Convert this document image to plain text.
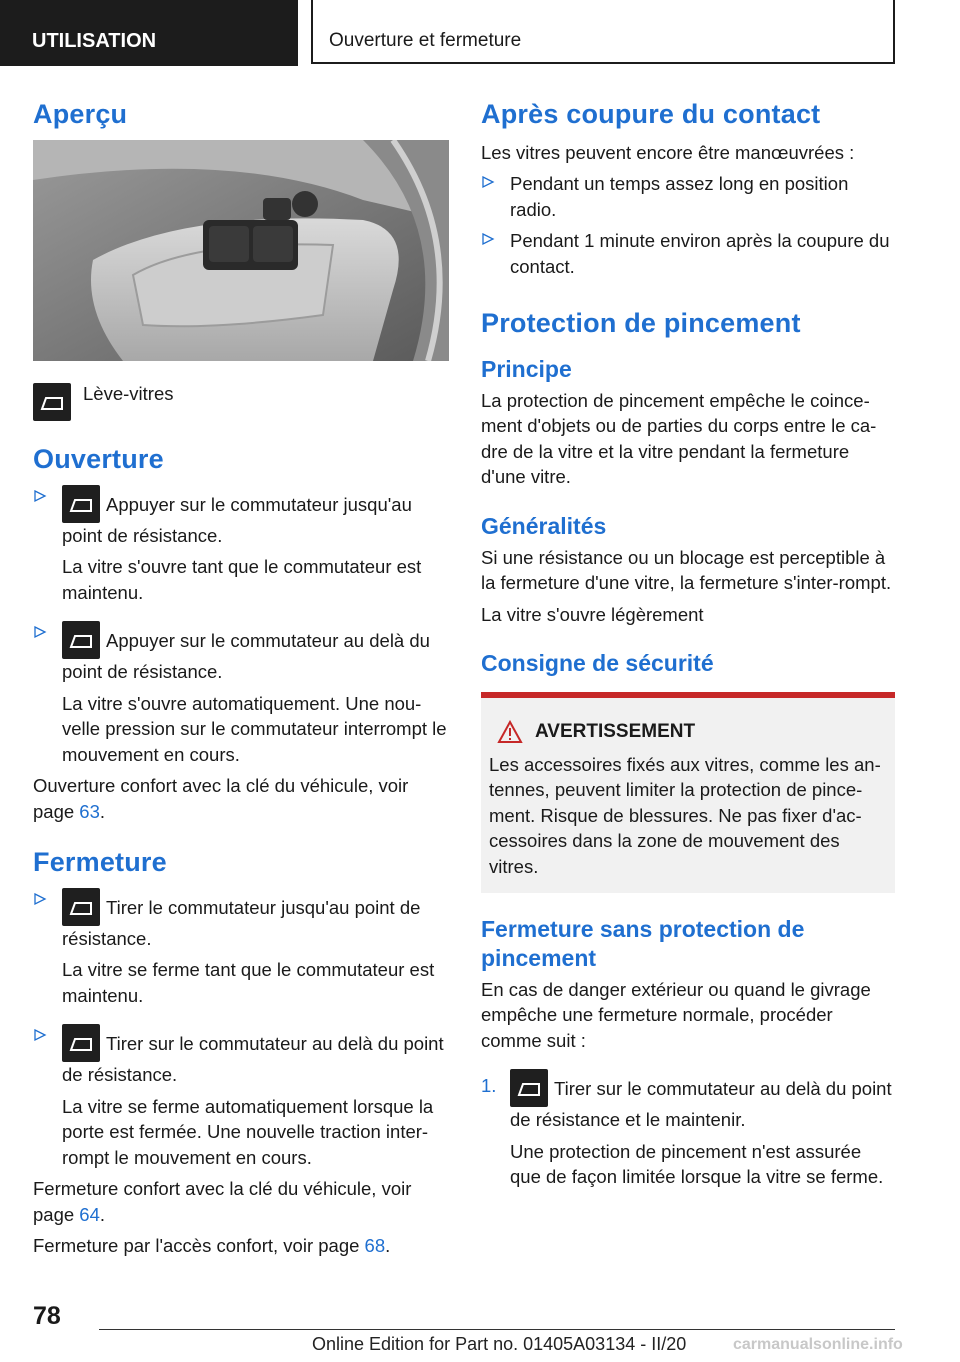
UTILISATION	Ouverture et fermeture
Aperçu
Lève-vitres
Ouverture

Appuyer sur le commutateur jusqu'au point de résistance.

La vitre s'ouvre tant que le commutateur est maintenu.

Appuyer sur le commutateur au delà du point de résistance.

La vitre s'ouvre automatiquement. Une nou-velle pression sur le commutateur interrompt le mouvement en cours.

Ouverture confort avec la clé du véhicule, voir page 63.

Fermeture

Tirer le commutateur jusqu'au point de résistance.

La vitre se ferme tant que le commutateur est maintenu.

Tirer sur le commutateur au delà du point de résistance.

La vitre se ferme automatiquement lorsque la porte est fermée. Une nouvelle traction inter-rompt le mouvement en cours.

Fermeture confort avec la clé du véhicule, voir page 64.

Fermeture par l'accès confort, voir page 68.

Après coupure du contact

Les vitres peuvent encore être manœuvrées :

Pendant un temps assez long en position radio.

Pendant 1 minute environ après la coupure du contact.

Protection de pincement
Principe

La protection de pincement empêche le coince-ment d'objets ou de parties du corps entre le ca-dre de la vitre et la vitre pendant la fermeture d'une vitre.

Généralités

Si une résistance ou un blocage est perceptible à la fermeture d'une vitre, la fermeture s'inter-rompt.

La vitre s'ouvre légèrement

Consigne de sécurité
AVERTISSEMENT

Les accessoires fixés aux vitres, comme les an-tennes, peuvent limiter la protection de pince-ment. Risque de blessures. Ne pas fixer d'ac-cessoires dans la zone de mouvement des vitres.

Fermeture sans protection de pincement

En cas de danger extérieur ou quand le givrage empêche une fermeture normale, procéder comme suit :

1.	Tirer sur le commutateur au delà du point de résistance et le maintenir.

Une protection de pincement n'est assurée que de façon limitée lorsque la vitre se ferme.

78
Online Edition for Part no. 01405A03134 - II/20	carmanualsonline.info
